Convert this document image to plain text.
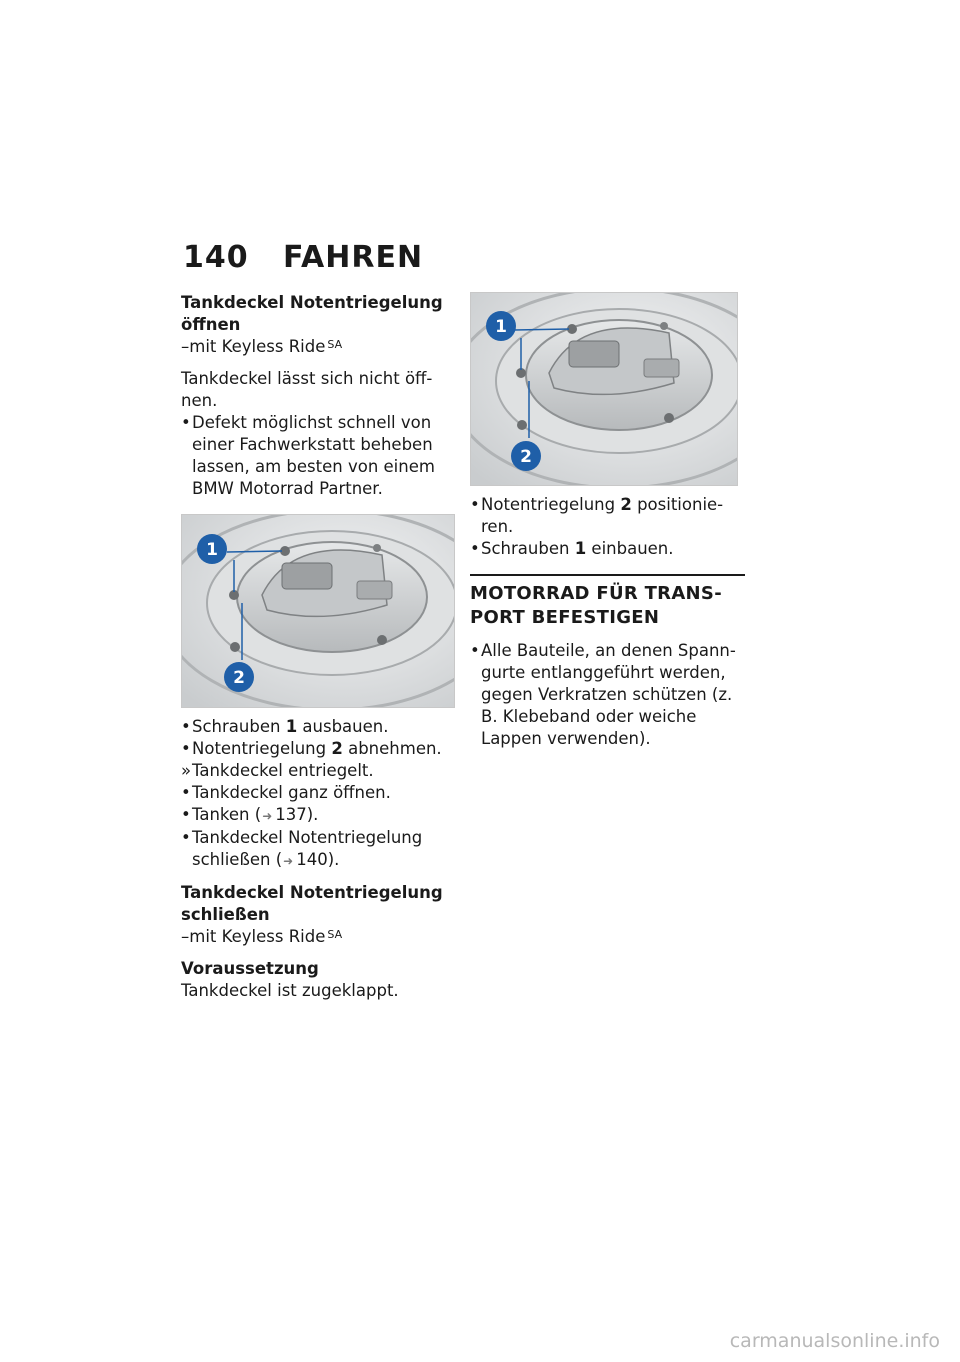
140 FAHREN

Tankdeckel Notentriegelung öffnen

–mit Keyless Ride $^{SA}$

Tankdeckel lässt sich nicht öff-nen.

• Defekt möglichst schnell von einer Fachwerkstatt beheben lassen, am besten von einem BMW Motorrad Partner.
1
2
• Schrauben 1 ausbauen.
• Notentriegelung 2 abnehmen.
» Tankdeckel entriegelt.
• Tankdeckel ganz öffnen.
• Tanken (➜ 137).
• Tankdeckel Notentriegelung schließen (➜ 140).

Tankdeckel Notentriegelung schließen

–mit Keyless Ride $^{SA}$

Voraussetzung

Tankdeckel ist zugeklappt.

1
2
• Notentriegelung 2 positionie-ren.
• Schrauben 1 einbauen.
MOTORRAD FÜR TRANS-PORT BEFESTIGEN
• Alle Bauteile, an denen Spann-gurte entlanggeführt werden, gegen Verkratzen schützen (z. B. Klebeband oder weiche Lappen verwenden).
carmanualsonline.info
